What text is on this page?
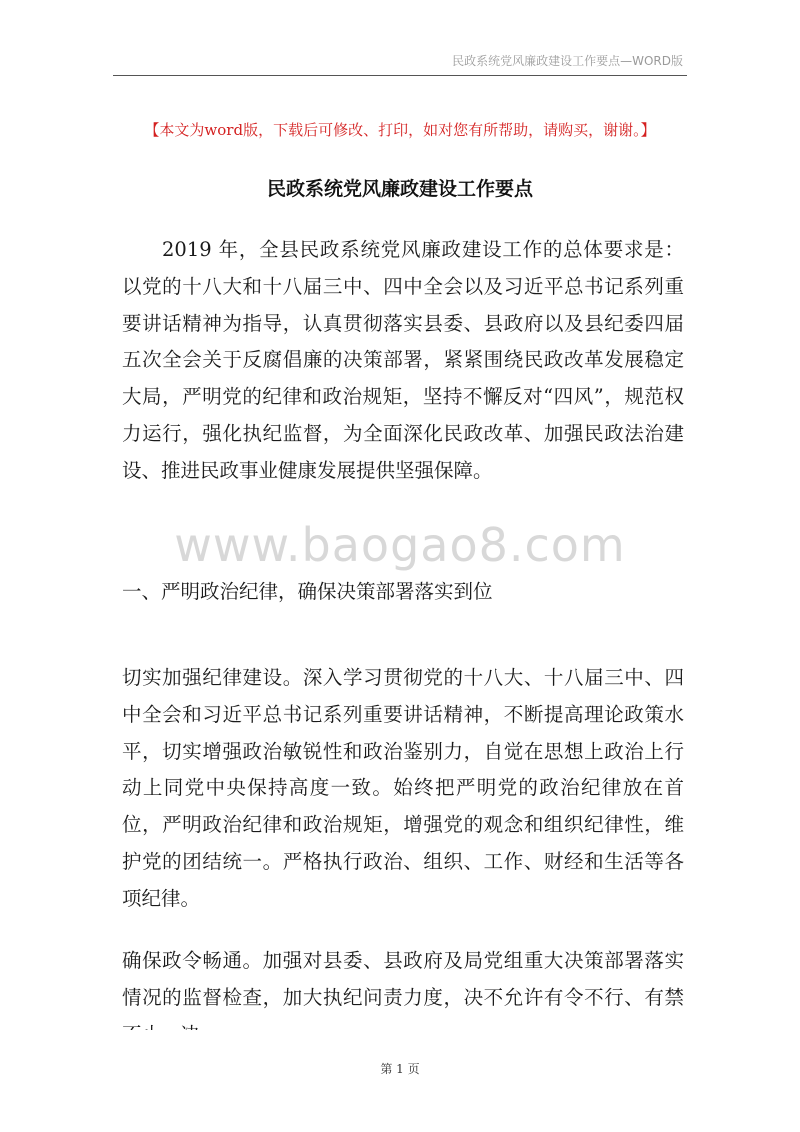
民政系统党风廉政建设工作要点—WORD版
【本文为word版，下载后可修改、打印，如对您有所帮助，请购买，谢谢。】
民政系统党风廉政建设工作要点

2019 年，全县民政系统党风廉政建设工作的总体要求是：以党的十八大和十八届三中、四中全会以及习近平总书记系列重要讲话精神为指导，认真贯彻落实县委、县政府以及县纪委四届五次全会关于反腐倡廉的决策部署，紧紧围绕民政改革发展稳定大局，严明党的纪律和政治规矩，坚持不懈反对“四风”，规范权力运行，强化执纪监督，为全面深化民政改革、加强民政法治建设、推进民政事业健康发展提供坚强保障。

www.baogao8.com
一、严明政治纪律，确保决策部署落实到位

切实加强纪律建设。深入学习贯彻党的十八大、十八届三中、四中全会和习近平总书记系列重要讲话精神，不断提高理论政策水平，切实增强政治敏锐性和政治鉴别力，自觉在思想上政治上行动上同党中央保持高度一致。始终把严明党的政治纪律放在首位，严明政治纪律和政治规矩，增强党的观念和组织纪律性，维护党的团结统一。严格执行政治、组织、工作、财经和生活等各项纪律。

确保政令畅通。加强对县委、县政府及局党组重大决策部署落实情况的监督检查，加大执纪问责力度，决不允许有令不行、有禁

第 1 页
